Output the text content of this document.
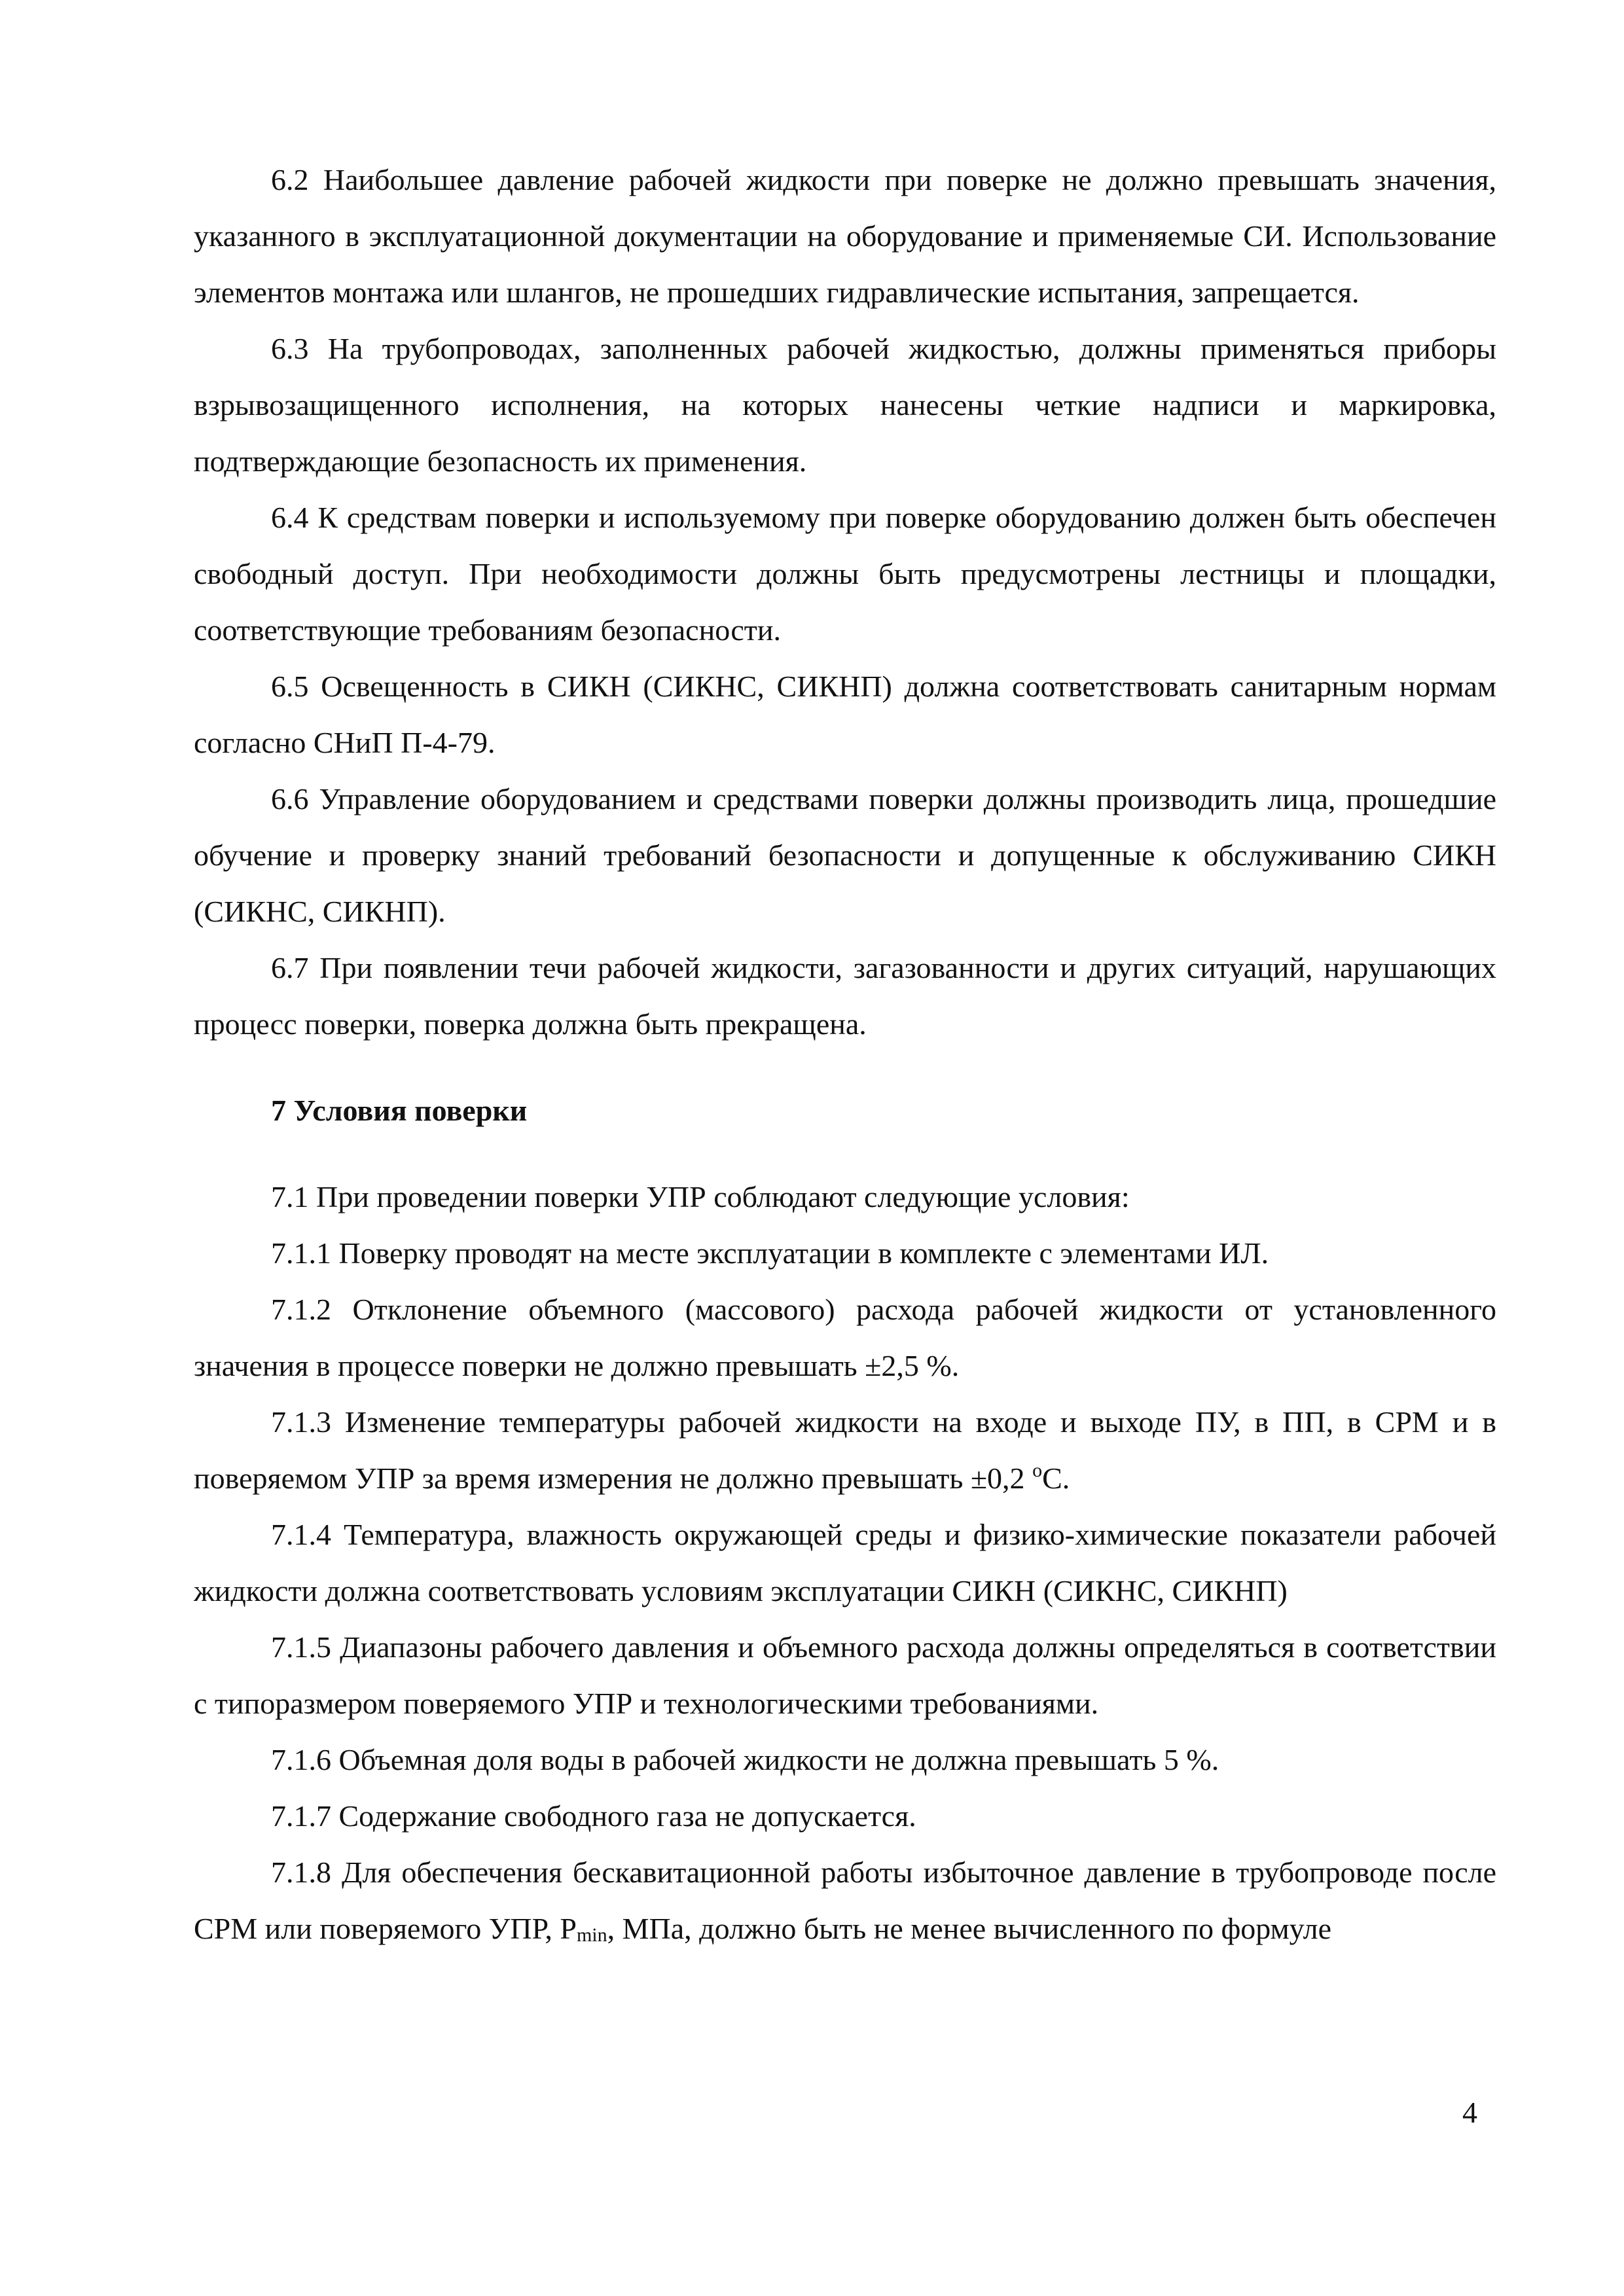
6.2 Наибольшее давление рабочей жидкости при поверке не должно превышать значения, указанного в эксплуатационной документации на оборудование и применяемые СИ. Использование элементов монтажа или шлангов, не прошедших гидравлические испытания, запрещается.

6.3 На трубопроводах, заполненных рабочей жидкостью, должны применяться приборы взрывозащищенного исполнения, на которых нанесены четкие надписи и маркировка, подтверждающие безопасность их применения.

6.4 К средствам поверки и используемому при поверке оборудованию должен быть обеспечен свободный доступ. При необходимости должны быть предусмотрены лестницы и площадки, соответствующие требованиям безопасности.

6.5 Освещенность в СИКН (СИКНС, СИКНП) должна соответствовать санитарным нормам согласно СНиП П-4-79.

6.6 Управление оборудованием и средствами поверки должны производить лица, прошедшие обучение и проверку знаний требований безопасности и допущенные к обслуживанию СИКН (СИКНС, СИКНП).

6.7 При появлении течи рабочей жидкости, загазованности и других ситуаций, нарушающих процесс поверки, поверка должна быть прекращена.

7 Условия поверки

7.1 При проведении поверки УПР соблюдают следующие условия:

7.1.1 Поверку проводят на месте эксплуатации в комплекте с элементами ИЛ.

7.1.2 Отклонение объемного (массового) расхода рабочей жидкости от установленного значения в процессе поверки не должно превышать ±2,5 %.

7.1.3 Изменение температуры рабочей жидкости на входе и выходе ПУ, в ПП, в СРМ и в поверяемом УПР за время измерения не должно превышать ±0,2 $^о$С.

7.1.4 Температура, влажность окружающей среды и физико-химические показатели рабочей жидкости должна соответствовать условиям эксплуатации СИКН (СИКНС, СИКНП)

7.1.5 Диапазоны рабочего давления и объемного расхода должны определяться в соответствии с типоразмером поверяемого УПР и технологическими требованиями.

7.1.6 Объемная доля воды в рабочей жидкости не должна превышать 5 %.

7.1.7 Содержание свободного газа не допускается.

7.1.8 Для обеспечения бескавитационной работы избыточное давление в трубопроводе после СРМ или поверяемого УПР, $P_{min}$, МПа, должно быть не менее вычисленного по формуле

4
